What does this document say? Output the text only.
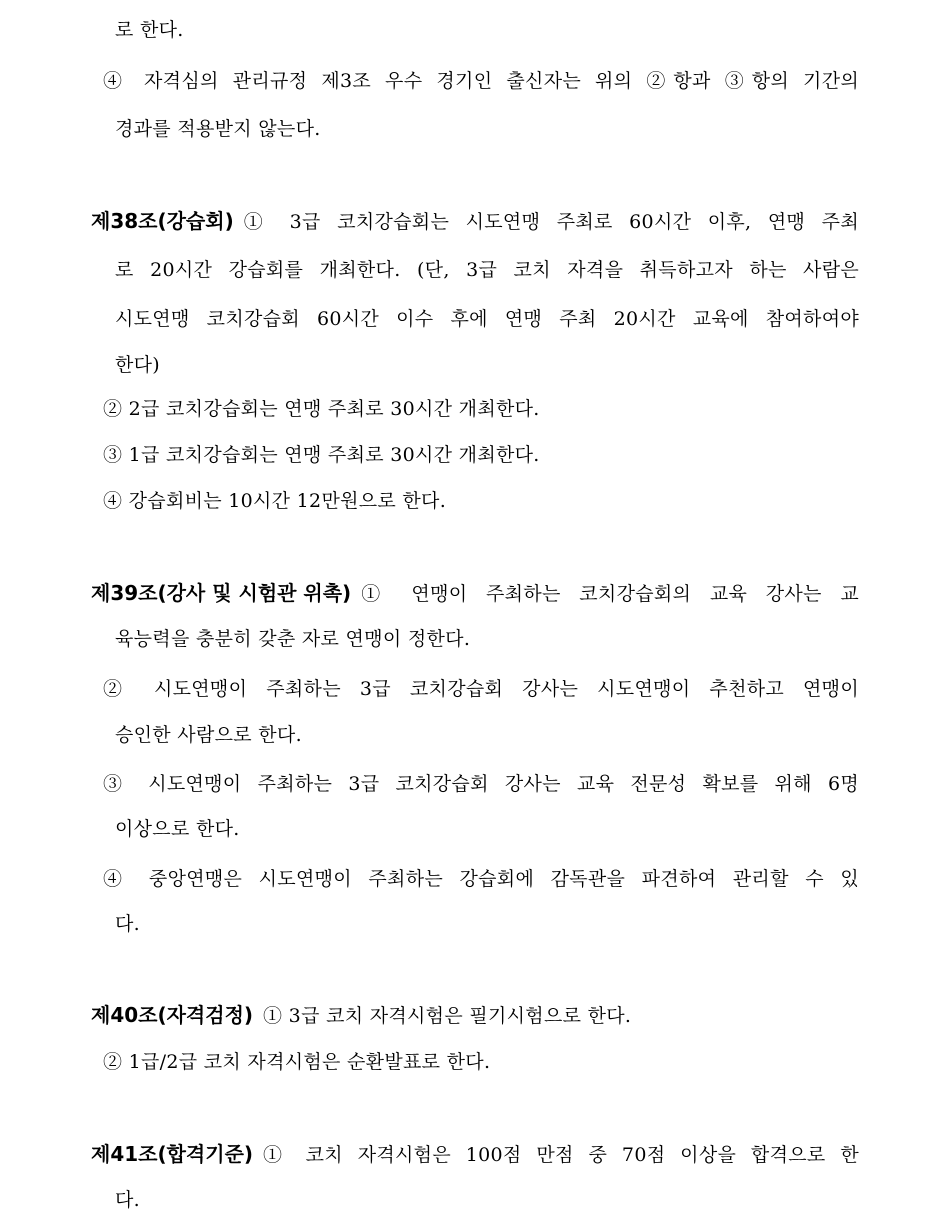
로 한다.
④ 자격심의 관리규정 제3조 우수 경기인 출신자는 위의 ②항과 ③항의 기간의
경과를 적용받지 않는다.
제38조(강습회) ① 3급 코치강습회는 시도연맹 주최로 60시간 이후, 연맹 주최
로 20시간 강습회를 개최한다. (단, 3급 코치 자격을 취득하고자 하는 사람은
시도연맹 코치강습회 60시간 이수 후에 연맹 주최 20시간 교육에 참여하여야
한다)
② 2급 코치강습회는 연맹 주최로 30시간 개최한다.
③ 1급 코치강습회는 연맹 주최로 30시간 개최한다.
④ 강습회비는 10시간 12만원으로 한다.
제39조(강사 및 시험관 위촉) ① 연맹이 주최하는 코치강습회의 교육 강사는 교
육능력을 충분히 갖춘 자로 연맹이 정한다.
② 시도연맹이 주최하는 3급 코치강습회 강사는 시도연맹이 추천하고 연맹이
승인한 사람으로 한다.
③ 시도연맹이 주최하는 3급 코치강습회 강사는 교육 전문성 확보를 위해 6명
이상으로 한다.
④ 중앙연맹은 시도연맹이 주최하는 강습회에 감독관을 파견하여 관리할 수 있
다.
제40조(자격검정) ① 3급 코치 자격시험은 필기시험으로 한다.
② 1급/2급 코치 자격시험은 순환발표로 한다.
제41조(합격기준) ① 코치 자격시험은 100점 만점 중 70점 이상을 합격으로 한
다.
